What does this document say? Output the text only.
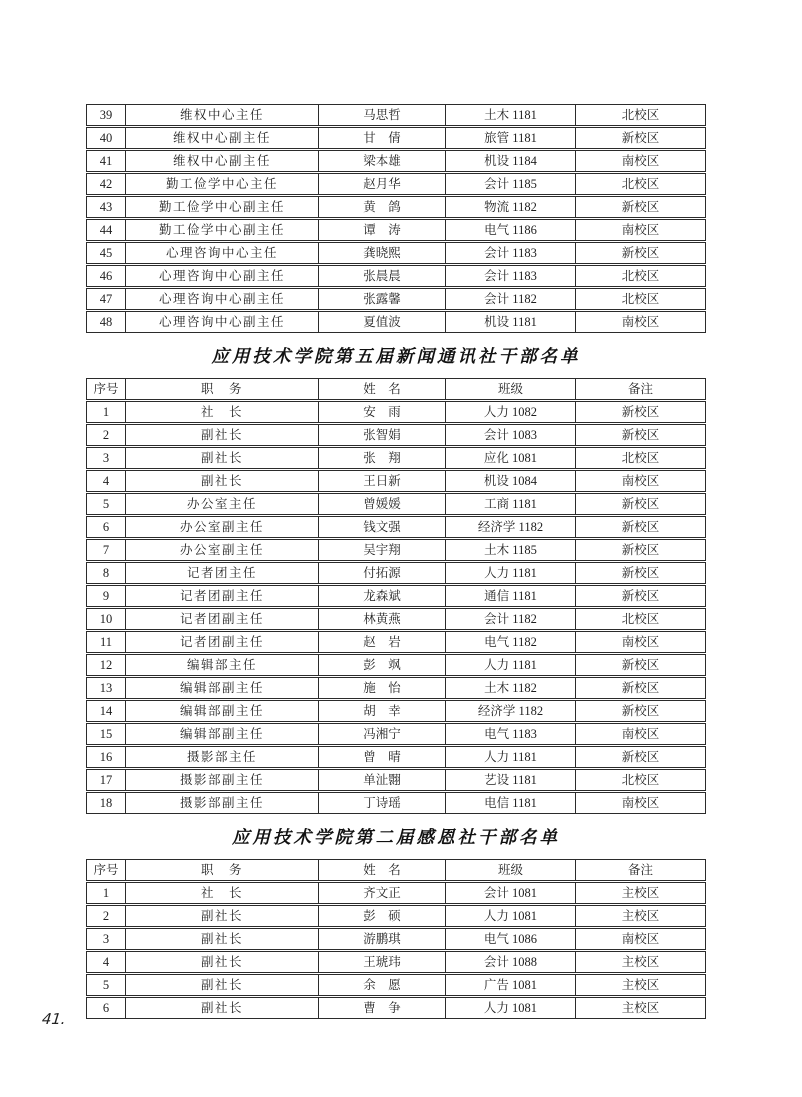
39	维权中心主任	马思哲	土木 1181	北校区
40	维权中心副主任	甘　倩	旅管 1181	新校区
41	维权中心副主任	梁本雄	机设 1184	南校区
42	勤工俭学中心主任	赵月华	会计 1185	北校区
43	勤工俭学中心副主任	黄　鸽	物流 1182	新校区
44	勤工俭学中心副主任	谭　涛	电气 1186	南校区
45	心理咨询中心主任	龚晓熙	会计 1183	新校区
46	心理咨询中心副主任	张晨晨	会计 1183	北校区
47	心理咨询中心副主任	张露馨	会计 1182	北校区
48	心理咨询中心副主任	夏值波	机设 1181	南校区
应用技术学院第五届新闻通讯社干部名单
序号	职　务	姓　名	班级	备注
1	社　长	安　雨	人力 1082	新校区
2	副社长	张智娟	会计 1083	新校区
3	副社长	张　翔	应化 1081	北校区
4	副社长	王日新	机设 1084	南校区
5	办公室主任	曾媛媛	工商 1181	新校区
6	办公室副主任	钱文强	经济学 1182	新校区
7	办公室副主任	吴宇翔	土木 1185	新校区
8	记者团主任	付拓源	人力 1181	新校区
9	记者团副主任	龙森斌	通信 1181	新校区
10	记者团副主任	林黄燕	会计 1182	北校区
11	记者团副主任	赵　岩	电气 1182	南校区
12	编辑部主任	彭　飒	人力 1181	新校区
13	编辑部副主任	施　怡	土木 1182	新校区
14	编辑部副主任	胡　幸	经济学 1182	新校区
15	编辑部副主任	冯湘宁	电气 1183	南校区
16	摄影部主任	曾　晴	人力 1181	新校区
17	摄影部副主任	单沚翾	艺设 1181	北校区
18	摄影部副主任	丁诗瑶	电信 1181	南校区
应用技术学院第二届感恩社干部名单
序号	职　务	姓　名	班级	备注
1	社　长	齐文正	会计 1081	主校区
2	副社长	彭　硕	人力 1081	主校区
3	副社长	游鹏琪	电气 1086	南校区
4	副社长	王琥玮	会计 1088	主校区
5	副社长	余　愿	广告 1081	主校区
6	副社长	曹　争	人力 1081	主校区
41.
